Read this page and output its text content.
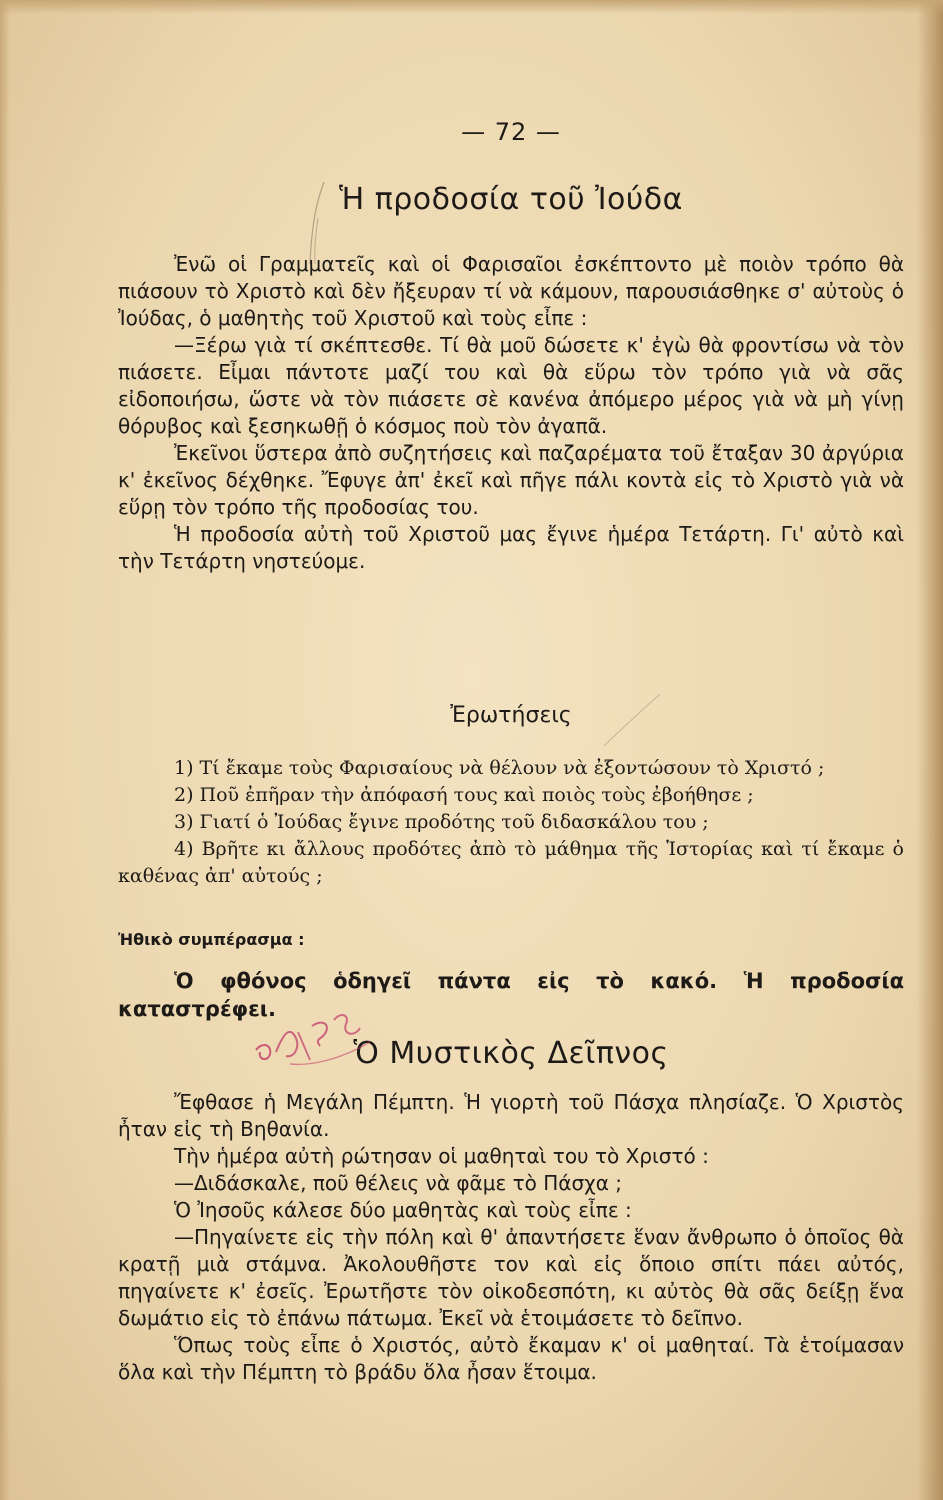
— 72 —
Ἡ προδοσία τοῦ Ἰούδα

Ἐνῶ οἱ Γραμματεῖς καὶ οἱ Φαρισαῖοι ἐσκέπτοντο μὲ ποιὸν τρόπο θὰ πιάσουν τὸ Χριστὸ καὶ δὲν ἤξευραν τί νὰ κάμουν, παρουσιάσθηκε σ' αὐτοὺς ὁ Ἰούδας, ὁ μαθητὴς τοῦ Χριστοῦ καὶ τοὺς εἶπε :

—Ξέρω γιὰ τί σκέπτεσθε. Τί θὰ μοῦ δώσετε κ' ἐγὼ θὰ φροντίσω νὰ τὸν πιάσετε. Εἶμαι πάντοτε μαζί του καὶ θὰ εὕρω τὸν τρόπο γιὰ νὰ σᾶς εἰδοποιήσω, ὥστε νὰ τὸν πιάσετε σὲ κανένα ἀπόμερο μέρος γιὰ νὰ μὴ γίνῃ θόρυβος καὶ ξεσηκωθῇ ὁ κόσμος ποὺ τὸν ἀγαπᾶ.

Ἐκεῖνοι ὕστερα ἀπὸ συζητήσεις καὶ παζαρέματα τοῦ ἔταξαν 30 ἀργύρια κ' ἐκεῖνος δέχθηκε. Ἔφυγε ἀπ' ἐκεῖ καὶ πῆγε πάλι κοντὰ εἰς τὸ Χριστὸ γιὰ νὰ εὕρῃ τὸν τρόπο τῆς προδοσίας του.

Ἡ προδοσία αὐτὴ τοῦ Χριστοῦ μας ἔγινε ἡμέρα Τετάρτη. Γι' αὐτὸ καὶ τὴν Τετάρτη νηστεύομε.

Ἐρωτήσεις

1) Τί ἔκαμε τοὺς Φαρισαίους νὰ θέλουν νὰ ἐξοντώσουν τὸ Χριστό ;

2) Ποῦ ἐπῆραν τὴν ἀπόφασή τους καὶ ποιὸς τοὺς ἐβοήθησε ;

3) Γιατί ὁ Ἰούδας ἔγινε προδότης τοῦ διδασκάλου του ;

4) Βρῆτε κι ἄλλους προδότες ἀπὸ τὸ μάθημα τῆς Ἱστορίας καὶ τί ἔκαμε ὁ καθένας ἀπ' αὐτούς ;

Ἠθικὸ συμπέρασμα :

Ὁ φθόνος ὁδηγεῖ πάντα εἰς τὸ κακό. Ἡ προδοσία καταστρέφει.

Ὁ Μυστικὸς Δεῖπνος

Ἔφθασε ἡ Μεγάλη Πέμπτη. Ἡ γιορτὴ τοῦ Πάσχα πλησίαζε. Ὁ Χριστὸς ἦταν εἰς τὴ Βηθανία.

Τὴν ἡμέρα αὐτὴ ρώτησαν οἱ μαθηταὶ του τὸ Χριστό :

—Διδάσκαλε, ποῦ θέλεις νὰ φᾶμε τὸ Πάσχα ;

Ὁ Ἰησοῦς κάλεσε δύο μαθητὰς καὶ τοὺς εἶπε :

—Πηγαίνετε εἰς τὴν πόλη καὶ θ' ἀπαντήσετε ἕναν ἄνθρωπο ὁ ὁποῖος θὰ κρατῇ μιὰ στάμνα. Ἀκολουθῆστε τον καὶ εἰς ὅποιο σπίτι πάει αὐτός, πηγαίνετε κ' ἐσεῖς. Ἐρωτῆστε τὸν οἰκοδεσπότη, κι αὐτὸς θὰ σᾶς δείξῃ ἕνα δωμάτιο εἰς τὸ ἐπάνω πάτωμα. Ἐκεῖ νὰ ἑτοιμάσετε τὸ δεῖπνο.

Ὅπως τοὺς εἶπε ὁ Χριστός, αὐτὸ ἔκαμαν κ' οἱ μαθηταί. Τὰ ἑτοίμασαν ὅλα καὶ τὴν Πέμπτη τὸ βράδυ ὅλα ἦσαν ἕτοιμα.
